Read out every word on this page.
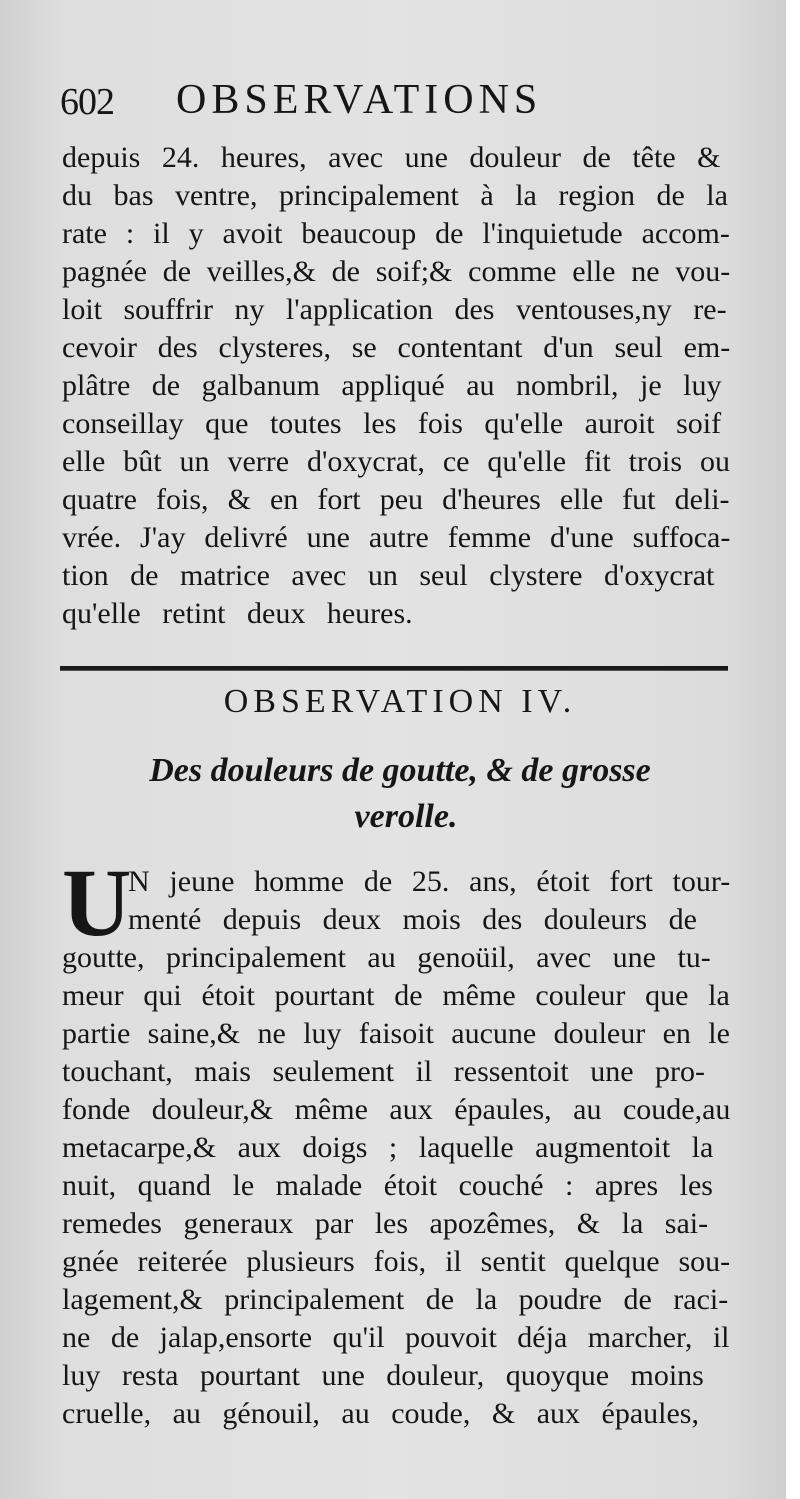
602 OBSERVATIONS
depuis 24. heures, avec une douleur de tête &
du bas ventre, principalement à la region de la
rate : il y avoit beaucoup de l'inquietude accom-
pagnée de veilles,& de soif;& comme elle ne vou-
loit souffrir ny l'application des ventouses,ny re-
cevoir des clysteres, se contentant d'un seul em-
plâtre de galbanum appliqué au nombril, je luy
conseillay que toutes les fois qu'elle auroit soif
elle bût un verre d'oxycrat, ce qu'elle fit trois ou
quatre fois, & en fort peu d'heures elle fut deli-
vrée. J'ay delivré une autre femme d'une suffoca-
tion de matrice avec un seul clystere d'oxycrat
qu'elle retint deux heures.
OBSERVATION IV.
Des douleurs de goutte, & de grosse
verolle.
U
N jeune homme de 25. ans, étoit fort tour-
menté depuis deux mois des douleurs de
goutte, principalement au genoüil, avec une tu-
meur qui étoit pourtant de même couleur que la
partie saine,& ne luy faisoit aucune douleur en le
touchant, mais seulement il ressentoit une pro-
fonde douleur,& même aux épaules, au coude,au
metacarpe,& aux doigs ; laquelle augmentoit la
nuit, quand le malade étoit couché : apres les
remedes generaux par les apozêmes, & la sai-
gnée reiterée plusieurs fois, il sentit quelque sou-
lagement,& principalement de la poudre de raci-
ne de jalap,ensorte qu'il pouvoit déja marcher, il
luy resta pourtant une douleur, quoyque moins
cruelle, au génouil, au coude, & aux épaules,
